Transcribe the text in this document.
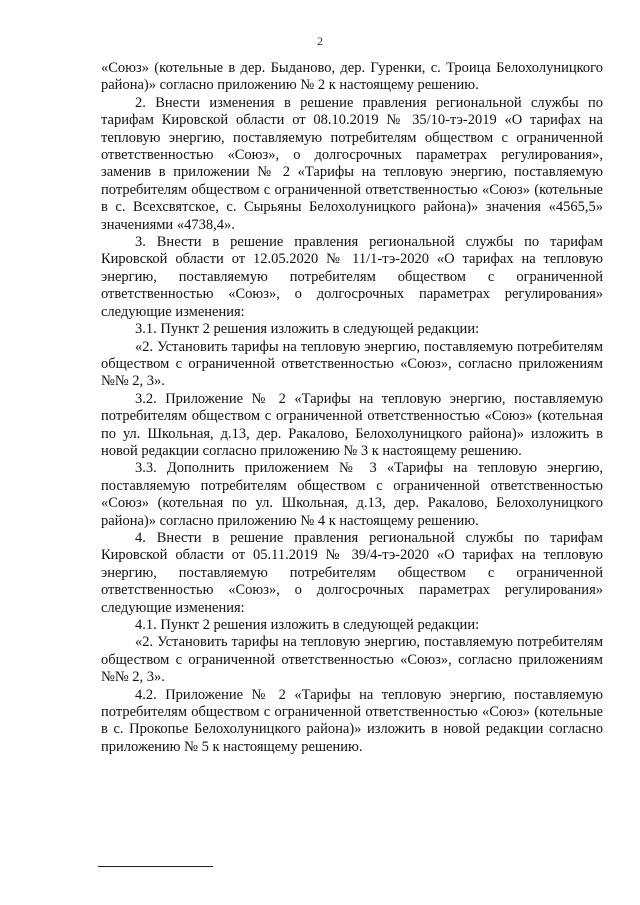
2

«Союз» (котельные в дер. Быданово, дер. Гуренки, с. Троица Белохолуницкого района)» согласно приложению № 2 к настоящему решению.

2. Внести изменения в решение правления региональной службы по тарифам Кировской области от 08.10.2019 № 35/10-тэ-2019 «О тарифах на тепловую энергию, поставляемую потребителям обществом с ограниченной ответственностью «Союз», о долгосрочных параметрах регулирования», заменив в приложении № 2 «Тарифы на тепловую энергию, поставляемую потребителям обществом с ограниченной ответственностью «Союз» (котельные в с. Всехсвятское, с. Сырьяны Белохолуницкого района)» значения «4565,5» значениями «4738,4».

3. Внести в решение правления региональной службы по тарифам Кировской области от 12.05.2020 № 11/1-тэ-2020 «О тарифах на тепловую энергию, поставляемую потребителям обществом с ограниченной ответственностью «Союз», о долгосрочных параметрах регулирования» следующие изменения:

3.1. Пункт 2 решения изложить в следующей редакции:

«2. Установить тарифы на тепловую энергию, поставляемую потребителям обществом с ограниченной ответственностью «Союз», согласно приложениям №№ 2, 3».

3.2. Приложение № 2 «Тарифы на тепловую энергию, поставляемую потребителям обществом с ограниченной ответственностью «Союз» (котельная по ул. Школьная, д.13, дер. Ракалово, Белохолуницкого района)» изложить в новой редакции согласно приложению № 3 к настоящему решению.

3.3. Дополнить приложением № 3 «Тарифы на тепловую энергию, поставляемую потребителям обществом с ограниченной ответственностью «Союз» (котельная по ул. Школьная, д.13, дер. Ракалово, Белохолуницкого района)» согласно приложению № 4 к настоящему решению.

4. Внести в решение правления региональной службы по тарифам Кировской области от 05.11.2019 № 39/4-тэ-2020 «О тарифах на тепловую энергию, поставляемую потребителям обществом с ограниченной ответственностью «Союз», о долгосрочных параметрах регулирования» следующие изменения:

4.1. Пункт 2 решения изложить в следующей редакции:

«2. Установить тарифы на тепловую энергию, поставляемую потребителям обществом с ограниченной ответственностью «Союз», согласно приложениям №№ 2, 3».

4.2. Приложение № 2 «Тарифы на тепловую энергию, поставляемую потребителям обществом с ограниченной ответственностью «Союз» (котельные в с. Прокопье Белохолуницкого района)» изложить в новой редакции согласно приложению № 5 к настоящему решению.
